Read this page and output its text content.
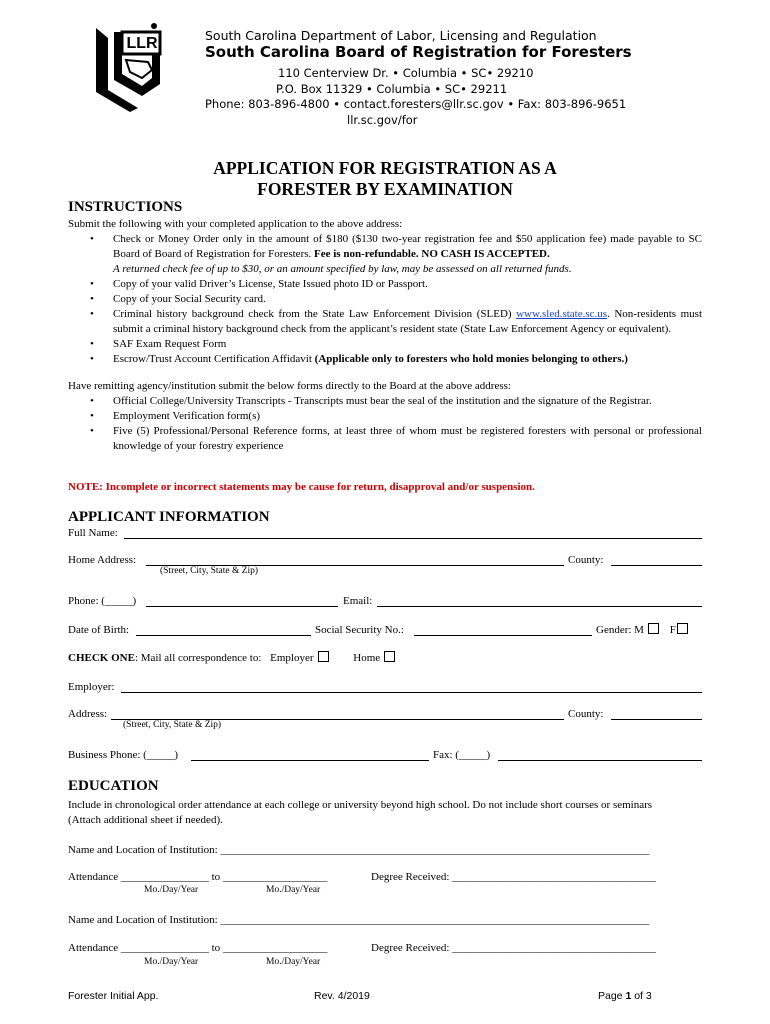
LLR	South Carolina Department of Labor, Licensing and Regulation
South Carolina Board of Registration for Foresters
110 Centerview Dr. • Columbia • SC• 29210
P.O. Box 11329 • Columbia • SC• 29211
Phone: 803-896-4800 • contact.foresters@llr.sc.gov • Fax: 803-896-9651
llr.sc.gov/for
APPLICATION FOR REGISTRATION AS A
FORESTER BY EXAMINATION
INSTRUCTIONS
Submit the following with your completed application to the above address:
• Check or Money Order only in the amount of $180 ($130 two-year registration fee and $50 application fee) made payable to SC Board of Board of Registration for Foresters. Fee is non-refundable. NO CASH IS ACCEPTED.
A returned check fee of up to $30, or an amount specified by law, may be assessed on all returned funds.
• Copy of your valid Driver’s License, State Issued photo ID or Passport.
• Copy of your Social Security card.
• Criminal history background check from the State Law Enforcement Division (SLED) www.sled.state.sc.us. Non-residents must submit a criminal history background check from the applicant’s resident state (State Law Enforcement Agency or equivalent).
• SAF Exam Request Form
• Escrow/Trust Account Certification Affidavit (Applicable only to foresters who hold monies belonging to others.)
Have remitting agency/institution submit the below forms directly to the Board at the above address:
• Official College/University Transcripts - Transcripts must bear the seal of the institution and the signature of the Registrar.
• Employment Verification form(s)
• Five (5) Professional/Personal Reference forms, at least three of whom must be registered foresters with personal or professional knowledge of your forestry experience
NOTE: Incomplete or incorrect statements may be cause for return, disapproval and/or suspension.
APPLICANT INFORMATION
Full Name:
Home Address:	County:
(Street, City, State & Zip)
Phone: (_____)	Email:
Date of Birth:	Social Security No.:	Gender: M F
CHECK ONE: Mail all correspondence to: Employer	Home
Employer:
Address:	County:
(Street, City, State & Zip)
Business Phone: (_____)	Fax: (_____)
EDUCATION
Include in chronological order attendance at each college or university beyond high school. Do not include short courses or seminars (Attach additional sheet if needed).
Name and Location of Institution: ______________________________________________________________________________
Attendance ________________ to ___________________	Degree Received: _____________________________________
Mo./Day/Year	Mo./Day/Year
Name and Location of Institution: ______________________________________________________________________________
Attendance ________________ to ___________________	Degree Received: _____________________________________
Mo./Day/Year	Mo./Day/Year
Forester Initial App.	Rev. 4/2019	Page 1 of 3
